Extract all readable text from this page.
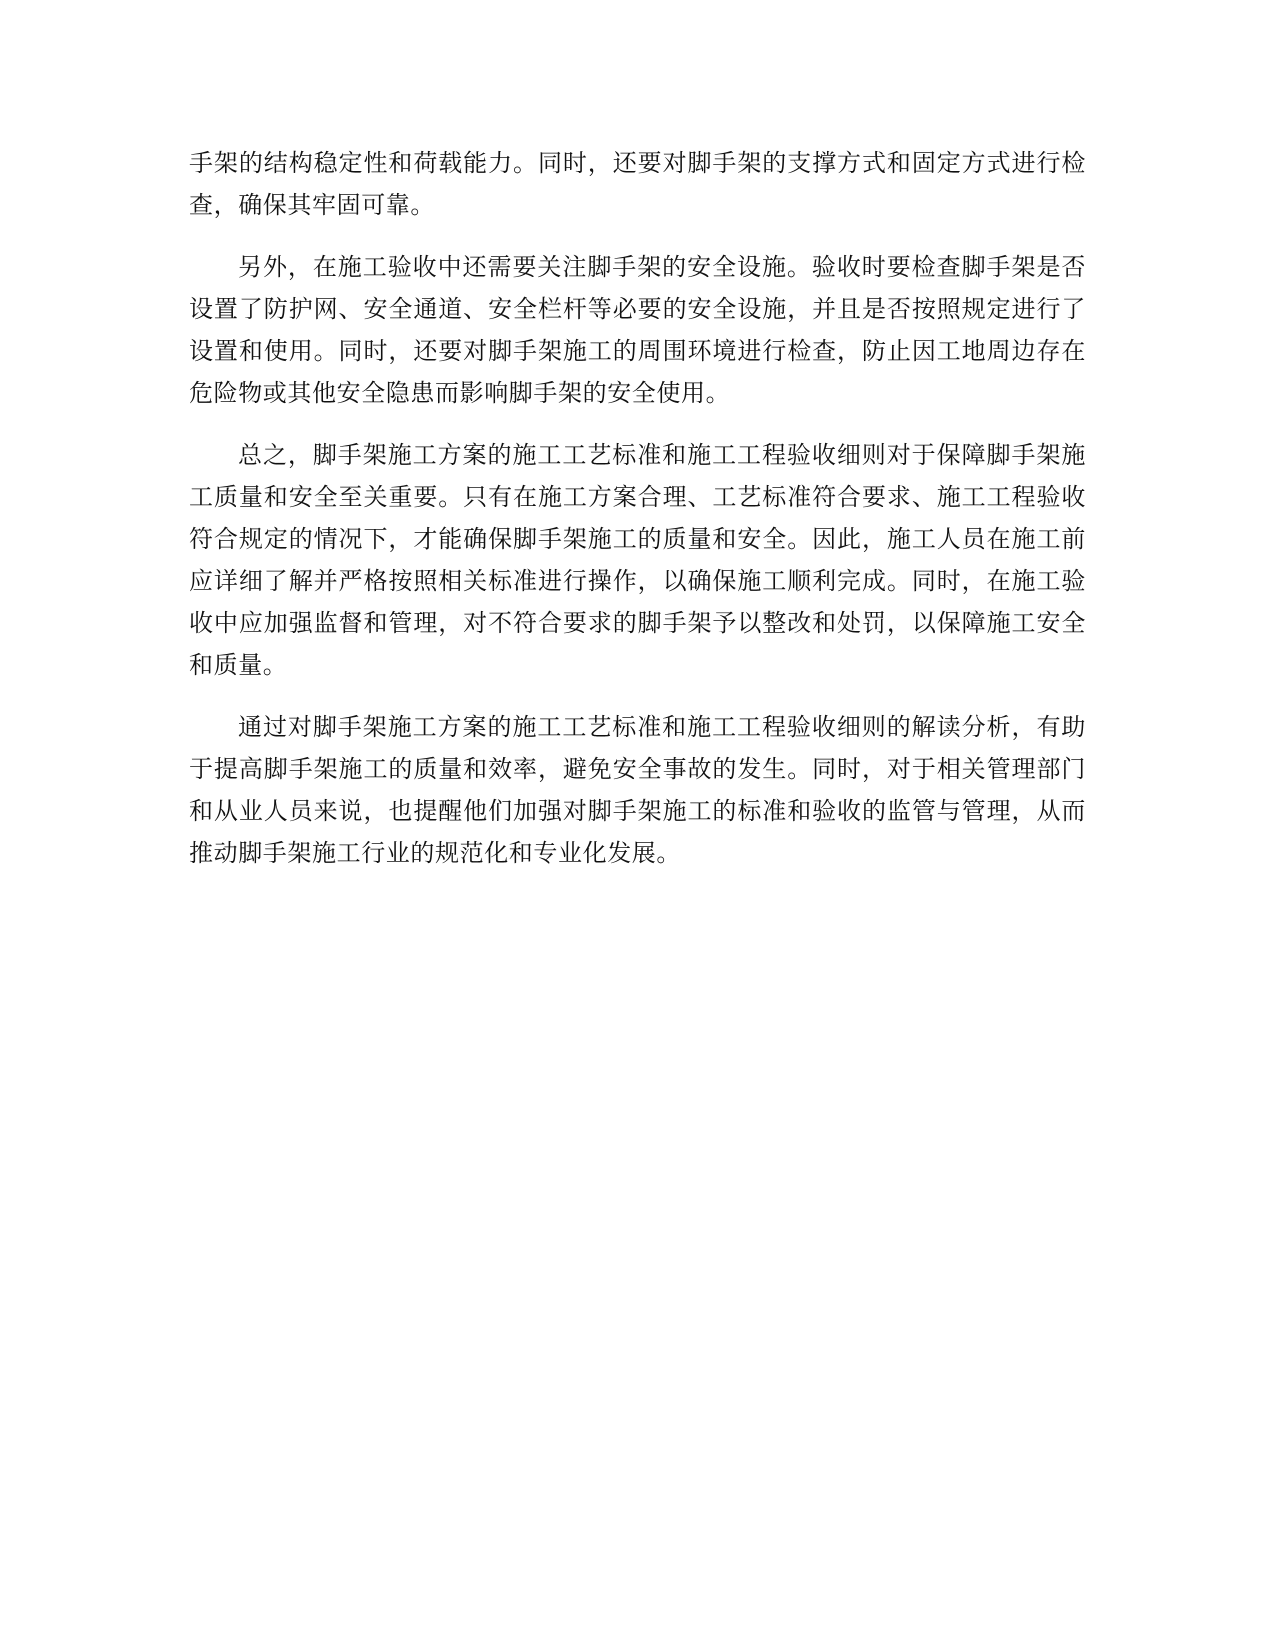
手架的结构稳定性和荷载能力。同时，还要对脚手架的支撑方式和固定方式进行检查，确保其牢固可靠。

另外，在施工验收中还需要关注脚手架的安全设施。验收时要检查脚手架是否设置了防护网、安全通道、安全栏杆等必要的安全设施，并且是否按照规定进行了设置和使用。同时，还要对脚手架施工的周围环境进行检查，防止因工地周边存在危险物或其他安全隐患而影响脚手架的安全使用。

总之，脚手架施工方案的施工工艺标准和施工工程验收细则对于保障脚手架施工质量和安全至关重要。只有在施工方案合理、工艺标准符合要求、施工工程验收符合规定的情况下，才能确保脚手架施工的质量和安全。因此，施工人员在施工前应详细了解并严格按照相关标准进行操作，以确保施工顺利完成。同时，在施工验收中应加强监督和管理，对不符合要求的脚手架予以整改和处罚，以保障施工安全和质量。

通过对脚手架施工方案的施工工艺标准和施工工程验收细则的解读分析，有助于提高脚手架施工的质量和效率，避免安全事故的发生。同时，对于相关管理部门和从业人员来说，也提醒他们加强对脚手架施工的标准和验收的监管与管理，从而推动脚手架施工行业的规范化和专业化发展。
